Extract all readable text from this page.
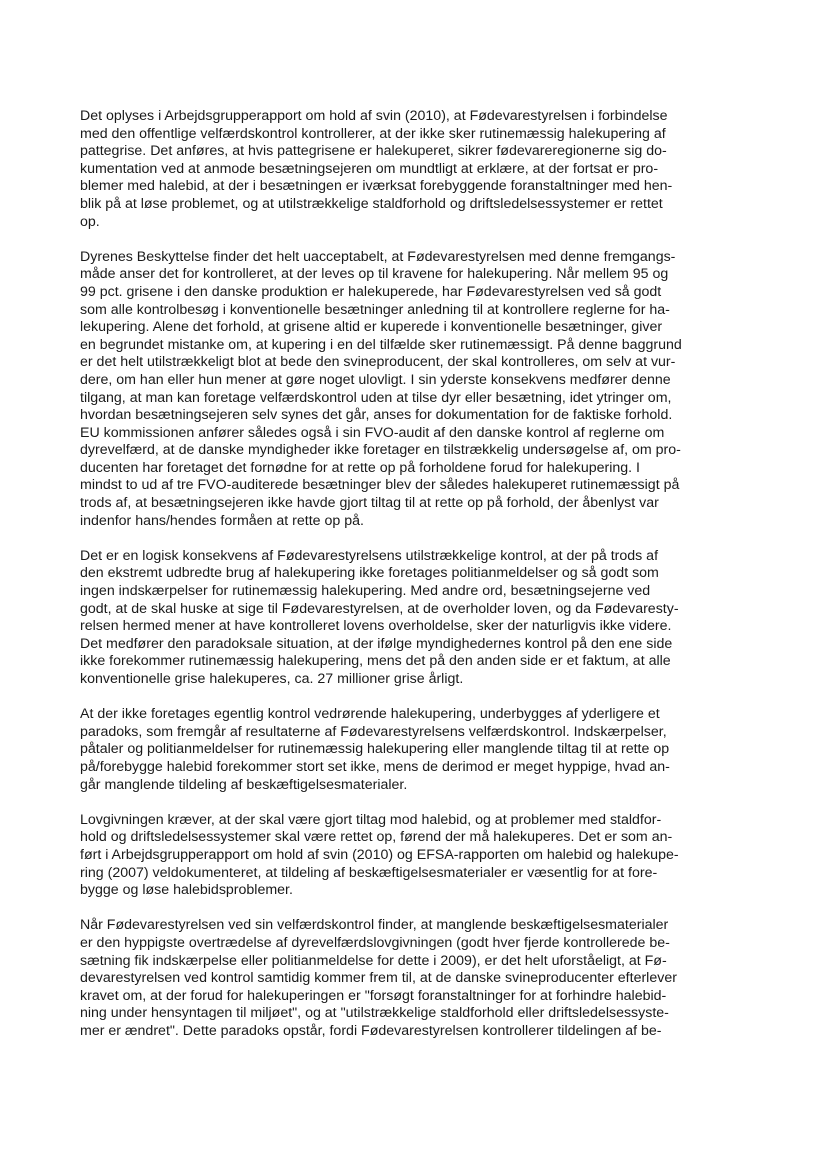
Det oplyses i Arbejdsgrupperapport om hold af svin (2010), at Fødevarestyrelsen i forbindelse
med den offentlige velfærdskontrol kontrollerer, at der ikke sker rutinemæssig halekupering af
pattegrise. Det anføres, at hvis pattegrisene er halekuperet, sikrer fødevareregionerne sig do-
kumentation ved at anmode besætningsejeren om mundtligt at erklære, at der fortsat er pro-
blemer med halebid, at der i besætningen er iværksat forebyggende foranstaltninger med hen-
blik på at løse problemet, og at utilstrækkelige staldforhold og driftsledelsessystemer er rettet
op.

Dyrenes Beskyttelse finder det helt uacceptabelt, at Fødevarestyrelsen med denne fremgangs-
måde anser det for kontrolleret, at der leves op til kravene for halekupering. Når mellem 95 og
99 pct. grisene i den danske produktion er halekuperede, har Fødevarestyrelsen ved så godt
som alle kontrolbesøg i konventionelle besætninger anledning til at kontrollere reglerne for ha-
lekupering. Alene det forhold, at grisene altid er kuperede i konventionelle besætninger, giver
en begrundet mistanke om, at kupering i en del tilfælde sker rutinemæssigt. På denne baggrund
er det helt utilstrækkeligt blot at bede den svineproducent, der skal kontrolleres, om selv at vur-
dere, om han eller hun mener at gøre noget ulovligt. I sin yderste konsekvens medfører denne
tilgang, at man kan foretage velfærdskontrol uden at tilse dyr eller besætning, idet ytringer om,
hvordan besætningsejeren selv synes det går, anses for dokumentation for de faktiske forhold.
EU kommissionen anfører således også i sin FVO-audit af den danske kontrol af reglerne om
dyrevelfærd, at de danske myndigheder ikke foretager en tilstrækkelig undersøgelse af, om pro-
ducenten har foretaget det fornødne for at rette op på forholdene forud for halekupering. I
mindst to ud af tre FVO-auditerede besætninger blev der således halekuperet rutinemæssigt på
trods af, at besætningsejeren ikke havde gjort tiltag til at rette op på forhold, der åbenlyst var
indenfor hans/hendes formåen at rette op på.

Det er en logisk konsekvens af Fødevarestyrelsens utilstrækkelige kontrol, at der på trods af
den ekstremt udbredte brug af halekupering ikke foretages politianmeldelser og så godt som
ingen indskærpelser for rutinemæssig halekupering. Med andre ord, besætningsejerne ved
godt, at de skal huske at sige til Fødevarestyrelsen, at de overholder loven, og da Fødevaresty-
relsen hermed mener at have kontrolleret lovens overholdelse, sker der naturligvis ikke videre.
Det medfører den paradoksale situation, at der ifølge myndighedernes kontrol på den ene side
ikke forekommer rutinemæssig halekupering, mens det på den anden side er et faktum, at alle
konventionelle grise halekuperes, ca. 27 millioner grise årligt.

At der ikke foretages egentlig kontrol vedrørende halekupering, underbygges af yderligere et
paradoks, som fremgår af resultaterne af Fødevarestyrelsens velfærdskontrol. Indskærpelser,
påtaler og politianmeldelser for rutinemæssig halekupering eller manglende tiltag til at rette op
på/forebygge halebid forekommer stort set ikke, mens de derimod er meget hyppige, hvad an-
går manglende tildeling af beskæftigelsesmaterialer.

Lovgivningen kræver, at der skal være gjort tiltag mod halebid, og at problemer med staldfor-
hold og driftsledelsessystemer skal være rettet op, førend der må halekuperes. Det er som an-
ført i Arbejdsgrupperapport om hold af svin (2010) og EFSA-rapporten om halebid og halekupe-
ring (2007) veldokumenteret, at tildeling af beskæftigelsesmaterialer er væsentlig for at fore-
bygge og løse halebidsproblemer.

Når Fødevarestyrelsen ved sin velfærdskontrol finder, at manglende beskæftigelsesmaterialer
er den hyppigste overtrædelse af dyrevelfærdslovgivningen (godt hver fjerde kontrollerede be-
sætning fik indskærpelse eller politianmeldelse for dette i 2009), er det helt uforståeligt, at Fø-
devarestyrelsen ved kontrol samtidig kommer frem til, at de danske svineproducenter efterlever
kravet om, at der forud for halekuperingen er "forsøgt foranstaltninger for at forhindre halebid-
ning under hensyntagen til miljøet", og at "utilstrækkelige staldforhold eller driftsledelsessyste-
mer er ændret". Dette paradoks opstår, fordi Fødevarestyrelsen kontrollerer tildelingen af be-
